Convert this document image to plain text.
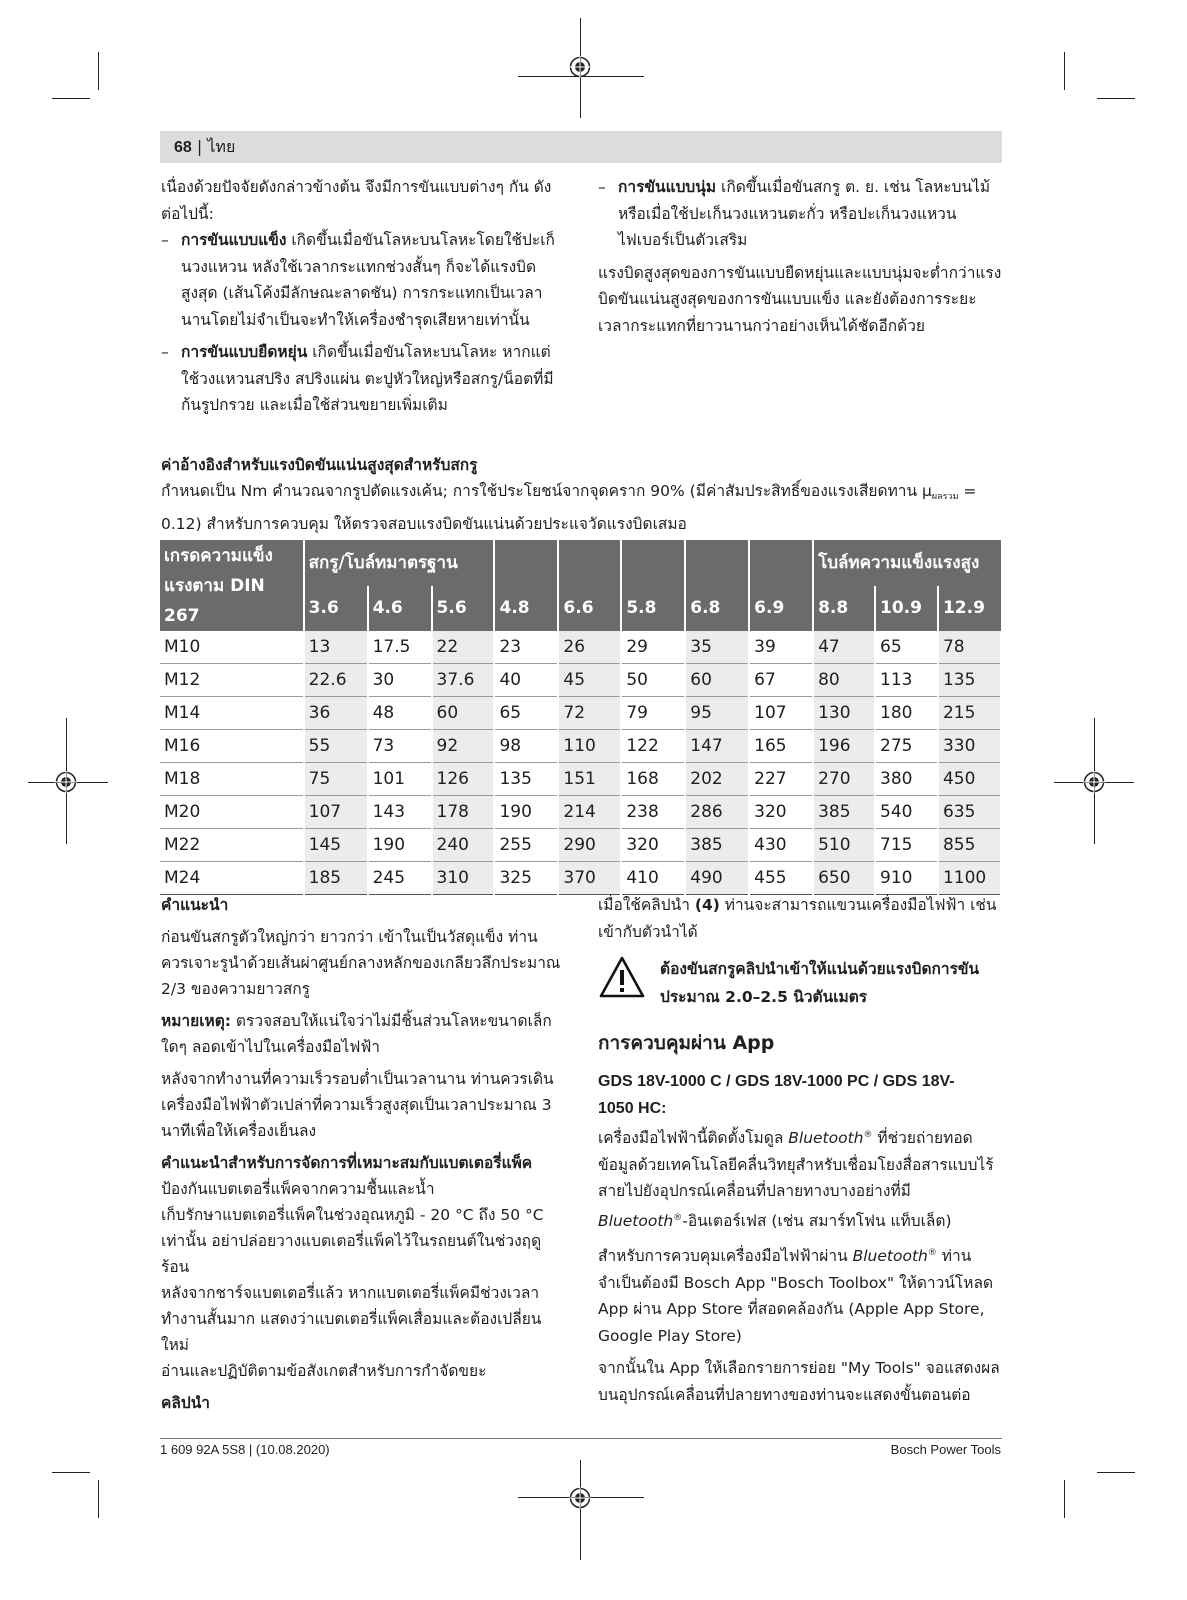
68 | ไทย

เนื่องด้วยปัจจัยดังกล่าวข้างต้น จึงมีการขันแบบต่างๆ กัน ดังต่อไปนี้:

– การขันแบบแข็ง เกิดขึ้นเมื่อขันโลหะบนโลหะโดยใช้ปะเก็นวงแหวน หลังใช้เวลากระแทกช่วงสั้นๆ ก็จะได้แรงบิดสูงสุด (เส้นโค้งมีลักษณะลาดชัน) การกระแทกเป็นเวลานานโดยไม่จำเป็นจะทำให้เครื่องชำรุดเสียหายเท่านั้น

– การขันแบบยืดหยุ่น เกิดขึ้นเมื่อขันโลหะบนโลหะ หากแต่ใช้วงแหวนสปริง สปริงแผ่น ตะปูหัวใหญ่หรือสกรู/น็อตที่มีก้นรูปกรวย และเมื่อใช้ส่วนขยายเพิ่มเติม

– การขันแบบนุ่ม เกิดขึ้นเมื่อขันสกรู ต. ย. เช่น โลหะบนไม้ หรือเมื่อใช้ปะเก็นวงแหวนตะกั่ว หรือปะเก็นวงแหวนไฟเบอร์เป็นตัวเสริม

แรงบิดสูงสุดของการขันแบบยืดหยุ่นและแบบนุ่มจะต่ำกว่าแรงบิดขันแน่นสูงสุดของการขันแบบแข็ง และยังต้องการระยะเวลากระแทกที่ยาวนานกว่าอย่างเห็นได้ชัดอีกด้วย

ค่าอ้างอิงสำหรับแรงบิดขันแน่นสูงสุดสำหรับสกรู
กำหนดเป็น Nm คำนวณจากรูปตัดแรงเค้น; การใช้ประโยชน์จากจุดคราก 90% (มีค่าสัมประสิทธิ์ของแรงเสียดทาน $\mu_{ผลรวม} = 0.12$) สำหรับการควบคุม ให้ตรวจสอบแรงบิดขันแน่นด้วยประแจวัดแรงบิดเสมอ
เกรดความแข็งแรงตาม DIN 267	สกรู/โบล์ทมาตรฐาน								โบล์ทความแข็งแรงสูง		
	3.6	4.6	5.6	4.8	6.6	5.8	6.8	6.9	8.8	10.9	12.9
M10	13	17.5	22	23	26	29	35	39	47	65	78
M12	22.6	30	37.6	40	45	50	60	67	80	113	135
M14	36	48	60	65	72	79	95	107	130	180	215
M16	55	73	92	98	110	122	147	165	196	275	330
M18	75	101	126	135	151	168	202	227	270	380	450
M20	107	143	178	190	214	238	286	320	385	540	635
M22	145	190	240	255	290	320	385	430	510	715	855
M24	185	245	310	325	370	410	490	455	650	910	1100

คำแนะนำ

ก่อนขันสกรูตัวใหญ่กว่า ยาวกว่า เข้าในเป็นวัสดุแข็ง ท่านควรเจาะรูนำด้วยเส้นผ่าศูนย์กลางหลักของเกลียวลึกประมาณ 2/3 ของความยาวสกรู

หมายเหตุ: ตรวจสอบให้แน่ใจว่าไม่มีชิ้นส่วนโลหะขนาดเล็กใดๆ ลอดเข้าไปในเครื่องมือไฟฟ้า

หลังจากทำงานที่ความเร็วรอบต่ำเป็นเวลานาน ท่านควรเดินเครื่องมือไฟฟ้าตัวเปล่าที่ความเร็วสูงสุดเป็นเวลาประมาณ 3 นาทีเพื่อให้เครื่องเย็นลง

คำแนะนำสำหรับการจัดการที่เหมาะสมกับแบตเตอรี่แพ็ค

ป้องกันแบตเตอรี่แพ็คจากความชื้นและน้ำ

เก็บรักษาแบตเตอรี่แพ็คในช่วงอุณหภูมิ - 20 °C ถึง 50 °C เท่านั้น อย่าปล่อยวางแบตเตอรี่แพ็คไว้ในรถยนต์ในช่วงฤดูร้อน

หลังจากชาร์จแบตเตอรี่แล้ว หากแบตเตอรี่แพ็คมีช่วงเวลาทำงานสั้นมาก แสดงว่าแบตเตอรี่แพ็คเสื่อมและต้องเปลี่ยนใหม่

อ่านและปฏิบัติตามข้อสังเกตสำหรับการกำจัดขยะ

คลิปนำ

เมื่อใช้คลิปนำ (4) ท่านจะสามารถแขวนเครื่องมือไฟฟ้า เช่น เข้ากับตัวนำได้

ต้องขันสกรูคลิปนำเข้าให้แน่นด้วยแรงบิดการขันประมาณ 2.0–2.5 นิวตันเมตร
การควบคุมผ่าน App
GDS 18V-1000 C / GDS 18V-1000 PC / GDS 18V-1050 HC:

เครื่องมือไฟฟ้านี้ติดตั้งโมดูล Bluetooth® ที่ช่วยถ่ายทอดข้อมูลด้วยเทคโนโลยีคลื่นวิทยุสำหรับเชื่อมโยงสื่อสารแบบไร้สายไปยังอุปกรณ์เคลื่อนที่ปลายทางบางอย่างที่มี Bluetooth®-อินเตอร์เฟส (เช่น สมาร์ทโฟน แท็บเล็ต)

สำหรับการควบคุมเครื่องมือไฟฟ้าผ่าน Bluetooth® ท่านจำเป็นต้องมี Bosch App "Bosch Toolbox" ให้ดาวน์โหลด App ผ่าน App Store ที่สอดคล้องกัน (Apple App Store, Google Play Store)

จากนั้นใน App ให้เลือกรายการย่อย "My Tools" จอแสดงผลบนอุปกรณ์เคลื่อนที่ปลายทางของท่านจะแสดงขั้นตอนต่อ

1 609 92A 5S8 | (10.08.2020)	Bosch Power Tools
